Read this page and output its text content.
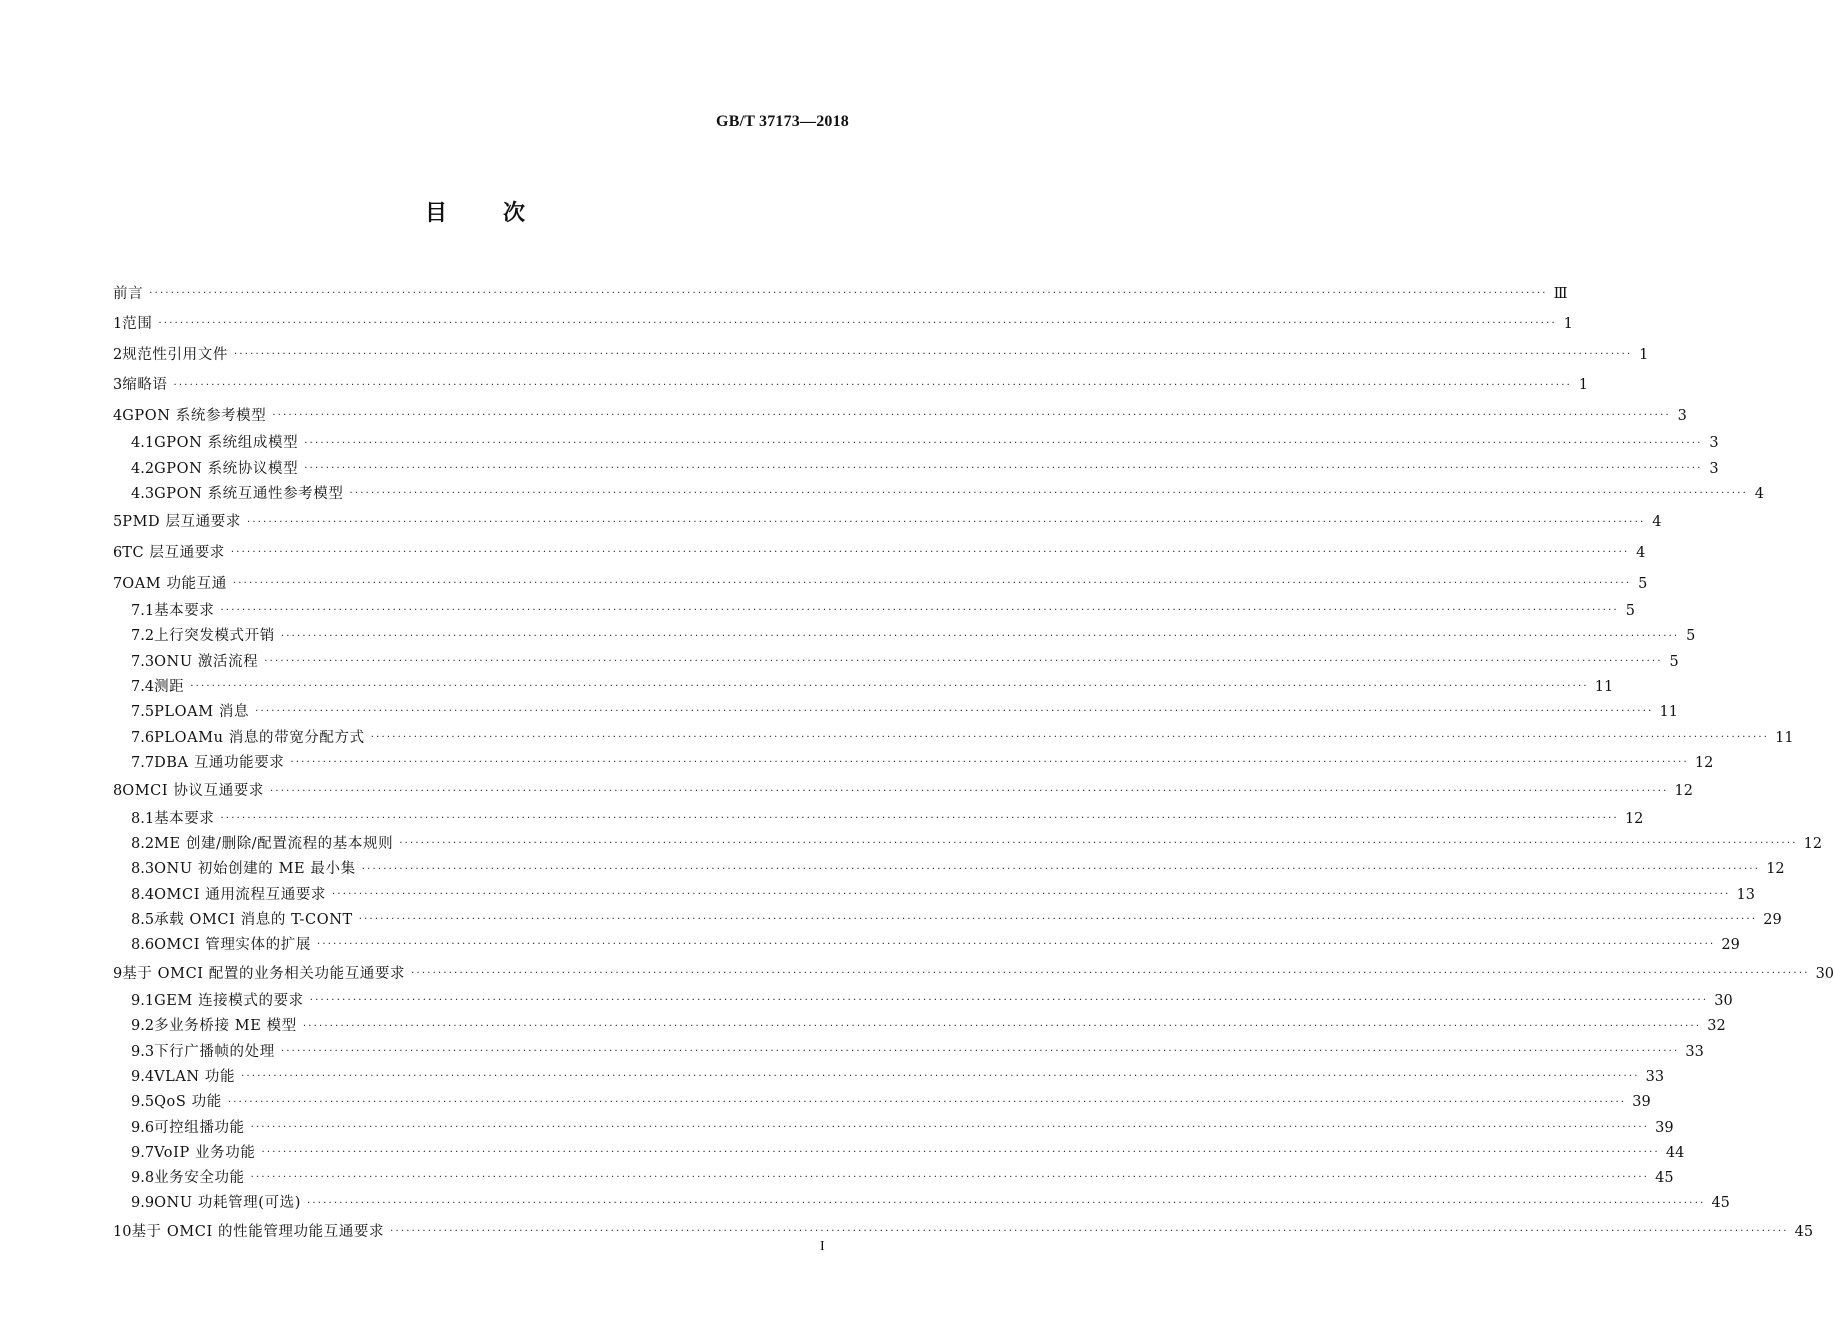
GB/T 37173—2018
目	次
前言 ···································································································································································································································································· Ⅲ
1 范围 ···································································································································································································································································· 1
2 规范性引用文件 ···································································································································································································································································· 1
3 缩略语 ···································································································································································································································································· 1
4 GPON 系统参考模型 ···································································································································································································································································· 3
4.1 GPON 系统组成模型 ···································································································································································································································································· 3
4.2 GPON 系统协议模型 ···································································································································································································································································· 3
4.3 GPON 系统互通性参考模型 ···································································································································································································································································· 4
5 PMD 层互通要求 ···································································································································································································································································· 4
6 TC 层互通要求 ···································································································································································································································································· 4
7 OAM 功能互通 ···································································································································································································································································· 5
7.1 基本要求 ···································································································································································································································································· 5
7.2 上行突发模式开销 ···································································································································································································································································· 5
7.3 ONU 激活流程 ···································································································································································································································································· 5
7.4 测距 ···································································································································································································································································· 11
7.5 PLOAM 消息 ···································································································································································································································································· 11
7.6 PLOAMu 消息的带宽分配方式 ···································································································································································································································································· 11
7.7 DBA 互通功能要求 ···································································································································································································································································· 12
8 OMCI 协议互通要求 ···································································································································································································································································· 12
8.1 基本要求 ···································································································································································································································································· 12
8.2 ME 创建/删除/配置流程的基本规则 ···································································································································································································································································· 12
8.3 ONU 初始创建的 ME 最小集 ···································································································································································································································································· 12
8.4 OMCI 通用流程互通要求 ···································································································································································································································································· 13
8.5 承载 OMCI 消息的 T-CONT ···································································································································································································································································· 29
8.6 OMCI 管理实体的扩展 ···································································································································································································································································· 29
9 基于 OMCI 配置的业务相关功能互通要求 ···································································································································································································································································· 30
9.1 GEM 连接模式的要求 ···································································································································································································································································· 30
9.2 多业务桥接 ME 模型 ···································································································································································································································································· 32
9.3 下行广播帧的处理 ···································································································································································································································································· 33
9.4 VLAN 功能 ···································································································································································································································································· 33
9.5 QoS 功能 ···································································································································································································································································· 39
9.6 可控组播功能 ···································································································································································································································································· 39
9.7 VoIP 业务功能 ···································································································································································································································································· 44
9.8 业务安全功能 ···································································································································································································································································· 45
9.9 ONU 功耗管理(可选) ···································································································································································································································································· 45
10 基于 OMCI 的性能管理功能互通要求 ···································································································································································································································································· 45
I
